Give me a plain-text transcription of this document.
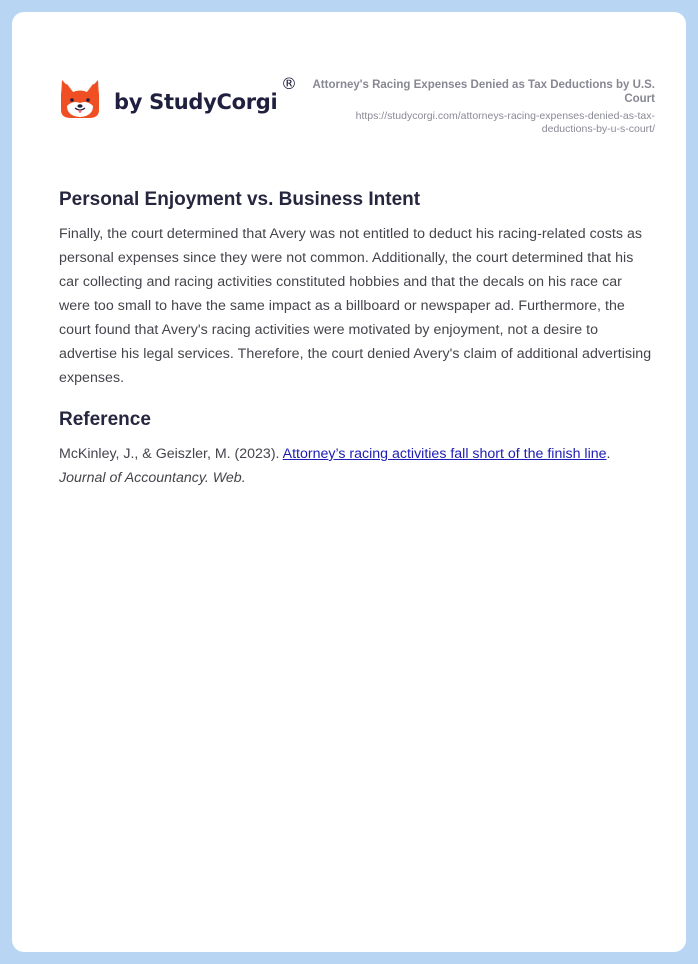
by StudyCorgi
®	Attorney's Racing Expenses Denied as Tax Deductions by U.S. Court
https://studycorgi.com/attorneys-racing-expenses-denied-as-tax-deductions-by-u-s-court/
Personal Enjoyment vs. Business Intent

Finally, the court determined that Avery was not entitled to deduct his racing-related costs as personal expenses since they were not common. Additionally, the court determined that his car collecting and racing activities constituted hobbies and that the decals on his race car were too small to have the same impact as a billboard or newspaper ad. Furthermore, the court found that Avery's racing activities were motivated by enjoyment, not a desire to advertise his legal services. Therefore, the court denied Avery's claim of additional advertising expenses.

Reference

McKinley, J., & Geiszler, M. (2023). Attorney’s racing activities fall short of the finish line. Journal of Accountancy. Web.
